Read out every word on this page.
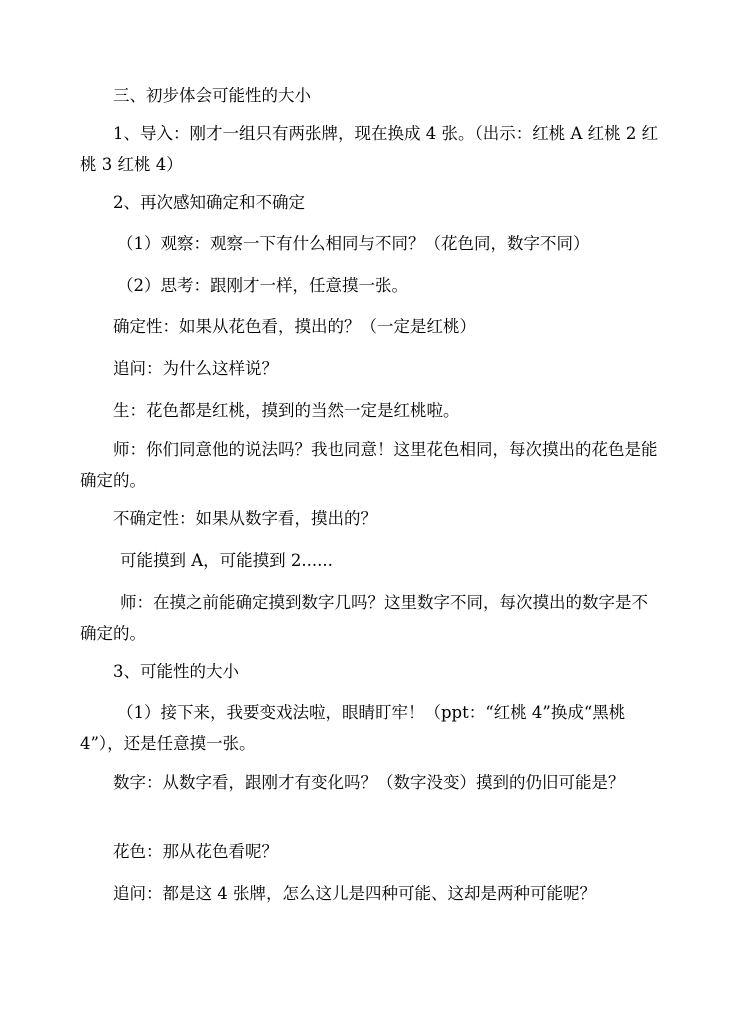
三、初步体会可能性的大小

1、导入：刚才一组只有两张牌，现在换成 4 张。（出示：红桃 A 红桃 2 红桃 3 红桃 4）

2、再次感知确定和不确定

（1）观察：观察一下有什么相同与不同？（花色同，数字不同）

（2）思考：跟刚才一样，任意摸一张。

确定性：如果从花色看，摸出的？（一定是红桃）

追问：为什么这样说？

生：花色都是红桃，摸到的当然一定是红桃啦。

师：你们同意他的说法吗？我也同意！这里花色相同，每次摸出的花色是能确定的。

不确定性：如果从数字看，摸出的？

可能摸到 A，可能摸到 2......

师：在摸之前能确定摸到数字几吗？这里数字不同，每次摸出的数字是不确定的。

3、可能性的大小

（1）接下来，我要变戏法啦，眼睛盯牢！（ppt：“红桃 4”换成“黑桃 4”），还是任意摸一张。

数字：从数字看，跟刚才有变化吗？（数字没变）摸到的仍旧可能是？

花色：那从花色看呢？

追问：都是这 4 张牌，怎么这儿是四种可能、这却是两种可能呢？
